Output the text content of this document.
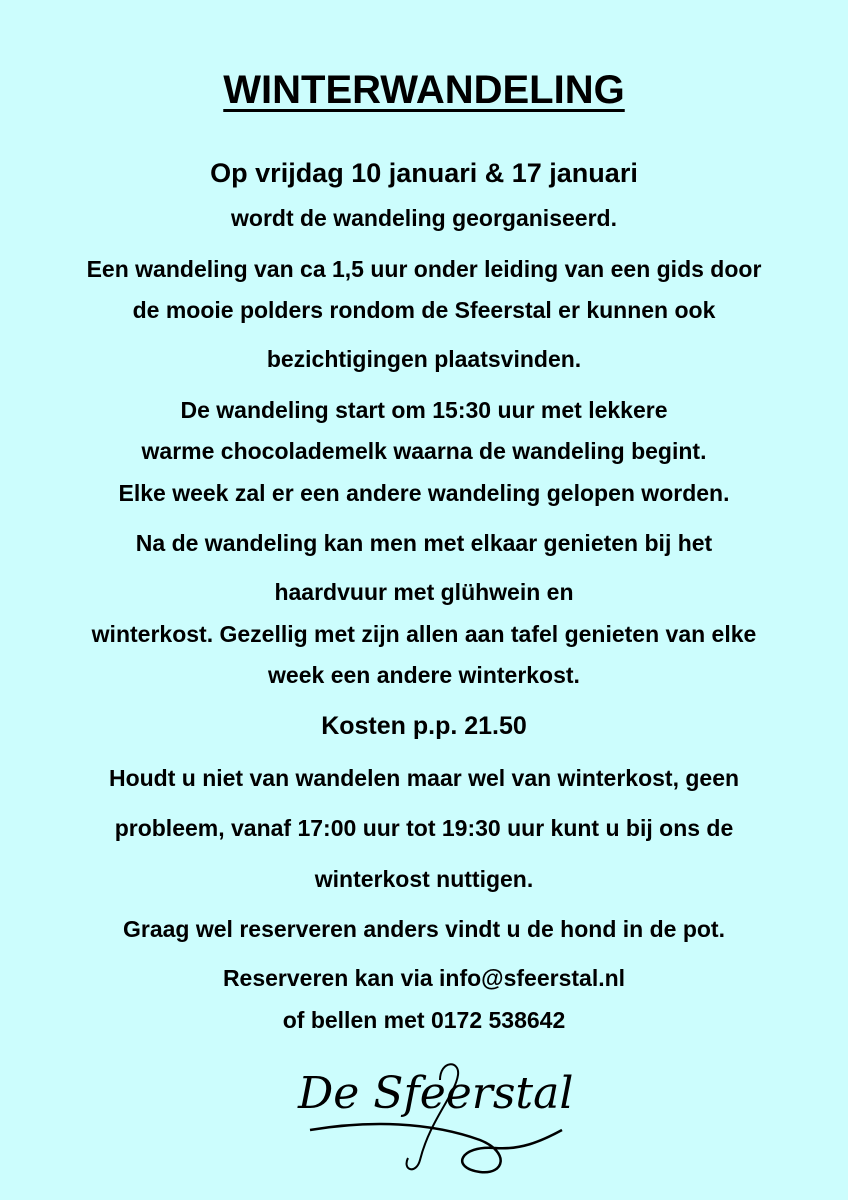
WINTERWANDELING
Op vrijdag 10 januari & 17 januari
wordt de wandeling georganiseerd.
Een wandeling van ca 1,5 uur onder leiding van een gids door
de mooie polders rondom de Sfeerstal er kunnen ook
bezichtigingen plaatsvinden.
De wandeling start om 15:30 uur met lekkere
warme chocolademelk waarna de wandeling begint.
Elke week zal er een andere wandeling gelopen worden.
Na de wandeling kan men met elkaar genieten bij het
haardvuur met glühwein en
winterkost. Gezellig met zijn allen aan tafel genieten van elke
week een andere winterkost.
Kosten p.p. 21.50
Houdt u niet van wandelen maar wel van winterkost, geen
probleem, vanaf 17:00 uur tot 19:30 uur kunt u bij ons de
winterkost nuttigen.
Graag wel reserveren anders vindt u de hond in de pot.
Reserveren kan via info@sfeerstal.nl
of bellen met 0172 538642
De Sfeerstal
